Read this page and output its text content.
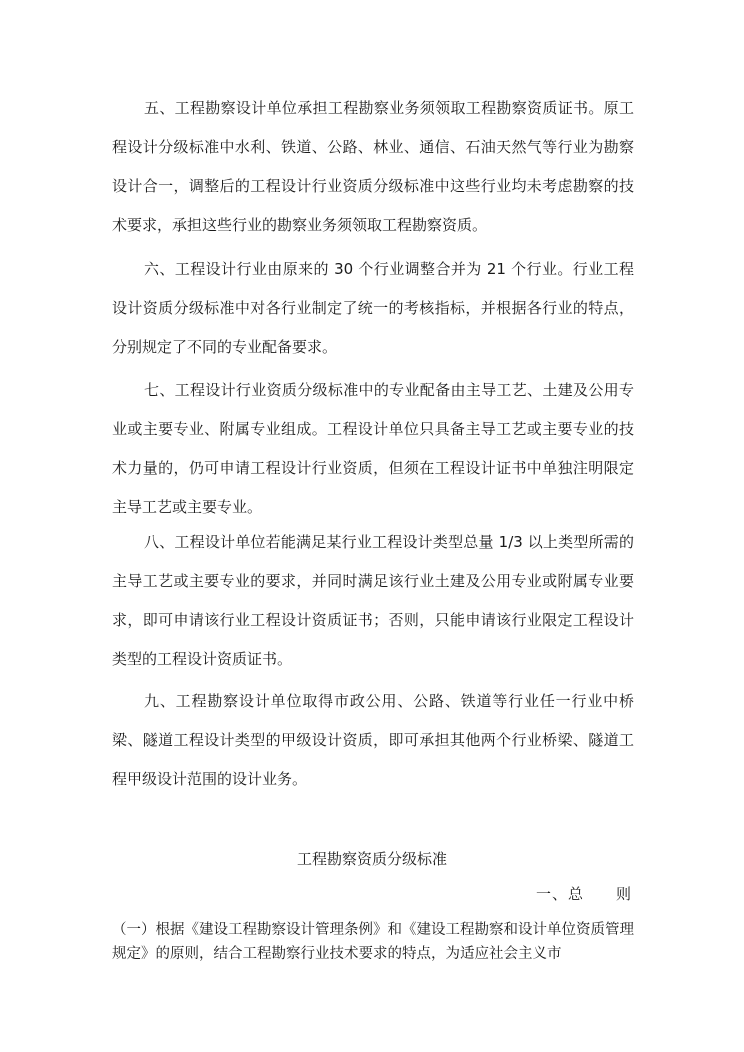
五、工程勘察设计单位承担工程勘察业务须领取工程勘察资质证书。原工程设计分级标准中水利、铁道、公路、林业、通信、石油天然气等行业为勘察设计合一，调整后的工程设计行业资质分级标准中这些行业均未考虑勘察的技术要求，承担这些行业的勘察业务须领取工程勘察资质。

六、工程设计行业由原来的 30 个行业调整合并为 21 个行业。行业工程设计资质分级标准中对各行业制定了统一的考核指标，并根据各行业的特点，分别规定了不同的专业配备要求。

七、工程设计行业资质分级标准中的专业配备由主导工艺、土建及公用专业或主要专业、附属专业组成。工程设计单位只具备主导工艺或主要专业的技术力量的，仍可申请工程设计行业资质，但须在工程设计证书中单独注明限定主导工艺或主要专业。

八、工程设计单位若能满足某行业工程设计类型总量 1/3 以上类型所需的主导工艺或主要专业的要求，并同时满足该行业土建及公用专业或附属专业要求，即可申请该行业工程设计资质证书；否则，只能申请该行业限定工程设计类型的工程设计资质证书。

九、工程勘察设计单位取得市政公用、公路、铁道等行业任一行业中桥梁、隧道工程设计类型的甲级设计资质，即可承担其他两个行业桥梁、隧道工程甲级设计范围的设计业务。

工程勘察资质分级标准
一、总　　则

（一）根据《建设工程勘察设计管理条例》和《建设工程勘察和设计单位资质管理规定》的原则，结合工程勘察行业技术要求的特点，为适应社会主义市
